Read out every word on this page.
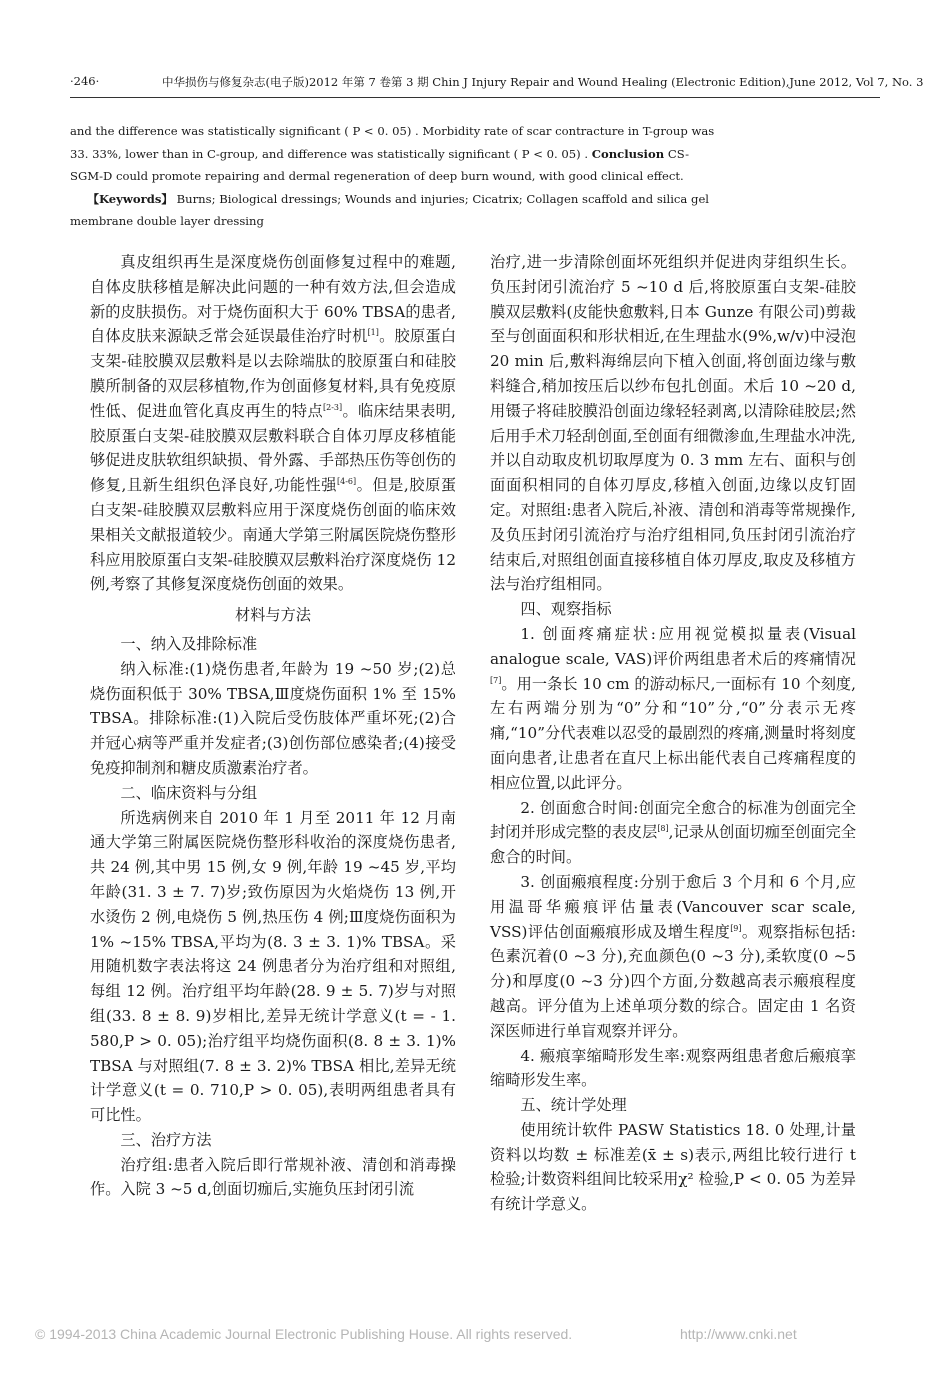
·246·	中华损伤与修复杂志(电子版)2012 年第 7 卷第 3 期 Chin J Injury Repair and Wound Healing (Electronic Edition),June 2012, Vol 7, No. 3

and the difference was statistically significant ( P < 0. 05) . Morbidity rate of scar contracture in T-group was

33. 33%, lower than in C-group, and difference was statistically significant ( P < 0. 05) . Conclusion CS-

SGM-D could promote repairing and dermal regeneration of deep burn wound, with good clinical effect.

【Keywords】 Burns; Biological dressings; Wounds and injuries; Cicatrix; Collagen scaffold and silica gel membrane double layer dressing

真皮组织再生是深度烧伤创面修复过程中的难题,自体皮肤移植是解决此问题的一种有效方法,但会造成新的皮肤损伤。对于烧伤面积大于 60% TBSA的患者,自体皮肤来源缺乏常会延误最佳治疗时机[1]。胶原蛋白支架-硅胶膜双层敷料是以去除端肽的胶原蛋白和硅胶膜所制备的双层移植物,作为创面修复材料,具有免疫原性低、促进血管化真皮再生的特点[2-3]。临床结果表明,胶原蛋白支架-硅胶膜双层敷料联合自体刃厚皮移植能够促进皮肤软组织缺损、骨外露、手部热压伤等创伤的修复,且新生组织色泽良好,功能性强[4-6]。但是,胶原蛋白支架-硅胶膜双层敷料应用于深度烧伤创面的临床效果相关文献报道较少。南通大学第三附属医院烧伤整形科应用胶原蛋白支架-硅胶膜双层敷料治疗深度烧伤 12 例,考察了其修复深度烧伤创面的效果。

材料与方法

一、纳入及排除标准

纳入标准:(1)烧伤患者,年龄为 19 ~50 岁;(2)总烧伤面积低于 30% TBSA,Ⅲ度烧伤面积 1% 至 15% TBSA。排除标准:(1)入院后受伤肢体严重坏死;(2)合并冠心病等严重并发症者;(3)创伤部位感染者;(4)接受免疫抑制剂和糖皮质激素治疗者。

二、临床资料与分组

所选病例来自 2010 年 1 月至 2011 年 12 月南通大学第三附属医院烧伤整形科收治的深度烧伤患者,共 24 例,其中男 15 例,女 9 例,年龄 19 ~45 岁,平均年龄(31. 3 ± 7. 7)岁;致伤原因为火焰烧伤 13 例,开水烫伤 2 例,电烧伤 5 例,热压伤 4 例;Ⅲ度烧伤面积为 1% ~15% TBSA,平均为(8. 3 ± 3. 1)% TBSA。采用随机数字表法将这 24 例患者分为治疗组和对照组,每组 12 例。治疗组平均年龄(28. 9 ± 5. 7)岁与对照组(33. 8 ± 8. 9)岁相比,差异无统计学意义(t = - 1. 580,P > 0. 05);治疗组平均烧伤面积(8. 8 ± 3. 1)% TBSA 与对照组(7. 8 ± 3. 2)% TBSA 相比,差异无统计学意义(t = 0. 710,P > 0. 05),表明两组患者具有可比性。

三、治疗方法

治疗组:患者入院后即行常规补液、清创和消毒操作。入院 3 ~5 d,创面切痂后,实施负压封闭引流

治疗,进一步清除创面坏死组织并促进肉芽组织生长。负压封闭引流治疗 5 ~10 d 后,将胶原蛋白支架-硅胶膜双层敷料(皮能快愈敷料,日本 Gunze 有限公司)剪裁至与创面面积和形状相近,在生理盐水(9%,w/v)中浸泡 20 min 后,敷料海绵层向下植入创面,将创面边缘与敷料缝合,稍加按压后以纱布包扎创面。术后 10 ~20 d,用镊子将硅胶膜沿创面边缘轻轻剥离,以清除硅胶层;然后用手术刀轻刮创面,至创面有细微渗血,生理盐水冲洗,并以自动取皮机切取厚度为 0. 3 mm 左右、面积与创面面积相同的自体刃厚皮,移植入创面,边缘以皮钉固定。对照组:患者入院后,补液、清创和消毒等常规操作,及负压封闭引流治疗与治疗组相同,负压封闭引流治疗结束后,对照组创面直接移植自体刃厚皮,取皮及移植方法与治疗组相同。

四、观察指标

1. 创面疼痛症状:应用视觉模拟量表(Visual analogue scale, VAS)评价两组患者术后的疼痛情况[7]。用一条长 10 cm 的游动标尺,一面标有 10 个刻度,左右两端分别为“0”分和“10”分,“0”分表示无疼痛,“10”分代表难以忍受的最剧烈的疼痛,测量时将刻度面向患者,让患者在直尺上标出能代表自己疼痛程度的相应位置,以此评分。

2. 创面愈合时间:创面完全愈合的标准为创面完全封闭并形成完整的表皮层[8],记录从创面切痂至创面完全愈合的时间。

3. 创面瘢痕程度:分别于愈后 3 个月和 6 个月,应用温哥华瘢痕评估量表(Vancouver scar scale, VSS)评估创面瘢痕形成及增生程度[9]。观察指标包括:色素沉着(0 ~3 分),充血颜色(0 ~3 分),柔软度(0 ~5 分)和厚度(0 ~3 分)四个方面,分数越高表示瘢痕程度越高。评分值为上述单项分数的综合。固定由 1 名资深医师进行单盲观察并评分。

4. 瘢痕挛缩畸形发生率:观察两组患者愈后瘢痕挛缩畸形发生率。

五、统计学处理

使用统计软件 PASW Statistics 18. 0 处理,计量资料以均数 ± 标准差(x̄ ± s)表示,两组比较行进行 t 检验;计数资料组间比较采用χ² 检验,P < 0. 05 为差异有统计学意义。

© 1994-2013 China Academic Journal Electronic Publishing House. All rights reserved.	http://www.cnki.net
